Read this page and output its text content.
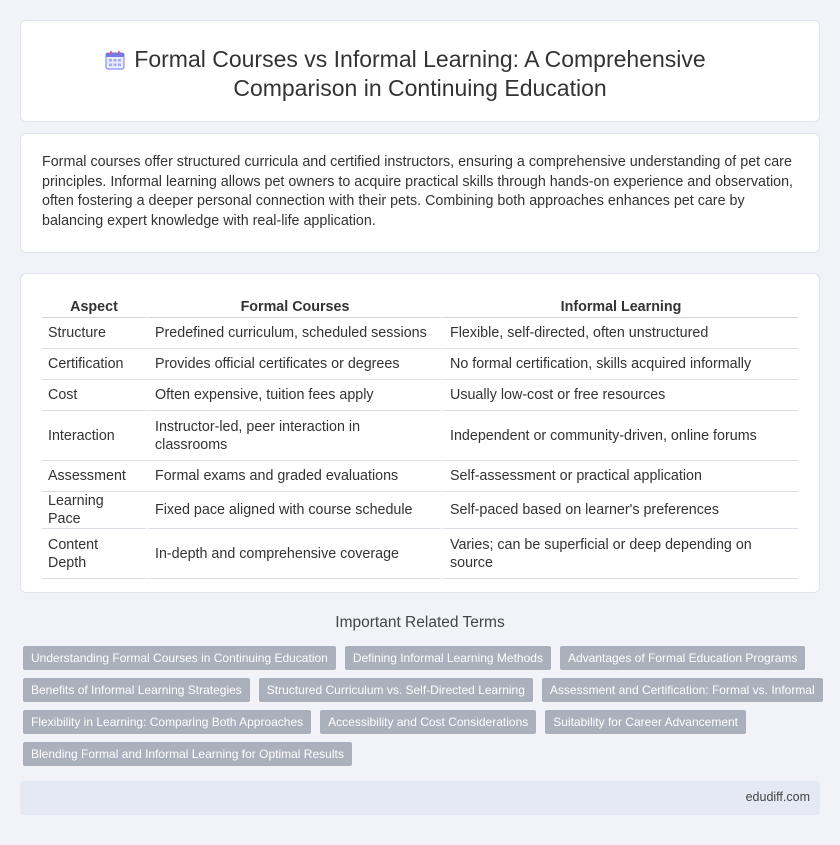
Formal Courses vs Informal Learning: A Comprehensive Comparison in Continuing Education

Formal courses offer structured curricula and certified instructors, ensuring a comprehensive understanding of pet care principles. Informal learning allows pet owners to acquire practical skills through hands-on experience and observation, often fostering a deeper personal connection with their pets. Combining both approaches enhances pet care by balancing expert knowledge with real-life application.

Aspect	Formal Courses	Informal Learning
Structure	Predefined curriculum, scheduled sessions	Flexible, self-directed, often unstructured
Certification	Provides official certificates or degrees	No formal certification, skills acquired informally
Cost	Often expensive, tuition fees apply	Usually low-cost or free resources
Interaction	Instructor-led, peer interaction in classrooms	Independent or community-driven, online forums
Assessment	Formal exams and graded evaluations	Self-assessment or practical application
Learning Pace	Fixed pace aligned with course schedule	Self-paced based on learner's preferences
Content Depth	In-depth and comprehensive coverage	Varies; can be superficial or deep depending on source
Important Related Terms
Understanding Formal Courses in Continuing Education	Defining Informal Learning Methods	Advantages of Formal Education Programs
Benefits of Informal Learning Strategies	Structured Curriculum vs. Self-Directed Learning	Assessment and Certification: Formal vs. Informal
Flexibility in Learning: Comparing Both Approaches	Accessibility and Cost Considerations	Suitability for Career Advancement
Blending Formal and Informal Learning for Optimal Results
edudiff.com
